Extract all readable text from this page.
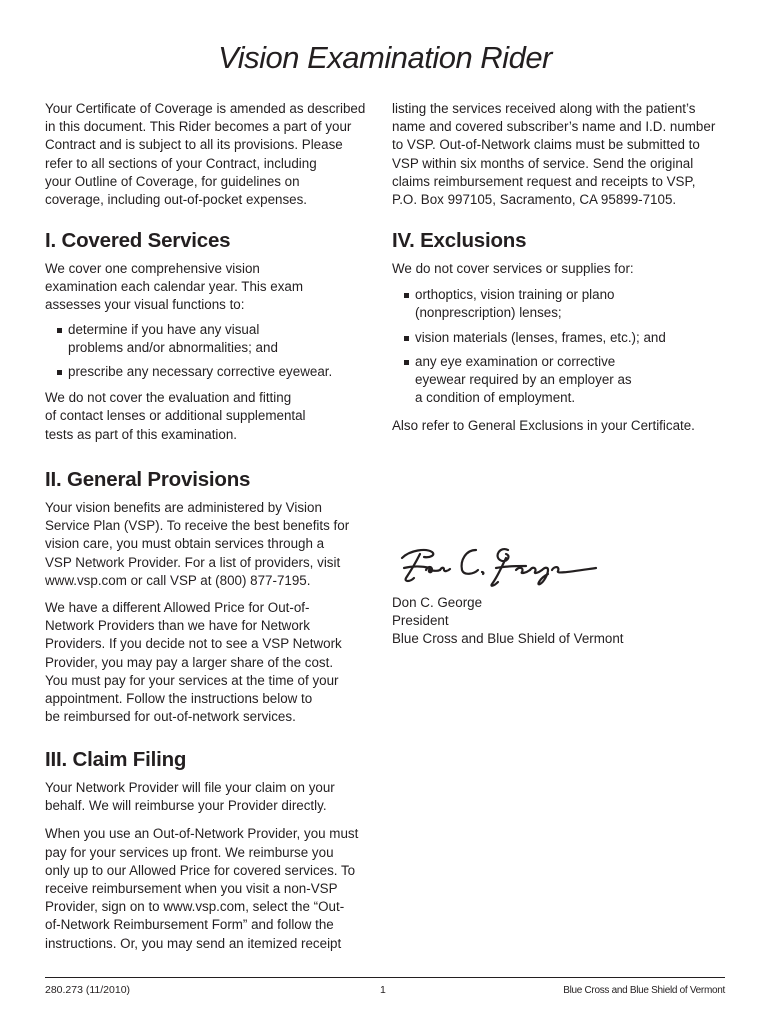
Vision Examination Rider

Your Certificate of Coverage is amended as described
in this document. This Rider becomes a part of your
Contract and is subject to all its provisions. Please
refer to all sections of your Contract, including
your Outline of Coverage, for guidelines on
coverage, including out-of-pocket expenses.

I. Covered Services

We cover one comprehensive vision
examination each calendar year. This exam
assesses your visual functions to:

determine if you have any visual
problems and/or abnormalities; and
prescribe any necessary corrective eyewear.

We do not cover the evaluation and fitting
of contact lenses or additional supplemental
tests as part of this examination.

II. General Provisions

Your vision benefits are administered by Vision
Service Plan (VSP). To receive the best benefits for
vision care, you must obtain services through a
VSP Network Provider. For a list of providers, visit
www.vsp.com or call VSP at (800) 877-7195.

We have a different Allowed Price for Out-of-
Network Providers than we have for Network
Providers. If you decide not to see a VSP Network
Provider, you may pay a larger share of the cost.
You must pay for your services at the time of your
appointment. Follow the instructions below to
be reimbursed for out-of-network services.

III. Claim Filing

Your Network Provider will file your claim on your
behalf. We will reimburse your Provider directly.

When you use an Out-of-Network Provider, you must
pay for your services up front. We reimburse you
only up to our Allowed Price for covered services. To
receive reimbursement when you visit a non-VSP
Provider, sign on to www.vsp.com, select the “Out-
of-Network Reimbursement Form” and follow the
instructions. Or, you may send an itemized receipt

listing the services received along with the patient’s
name and covered subscriber’s name and I.D. number
to VSP. Out-of-Network claims must be submitted to
VSP within six months of service. Send the original
claims reimbursement request and receipts to VSP,
P.O. Box 997105, Sacramento, CA 95899-7105.

IV. Exclusions

We do not cover services or supplies for:

orthoptics, vision training or plano
(nonprescription) lenses;
vision materials (lenses, frames, etc.); and
any eye examination or corrective
eyewear required by an employer as
a condition of employment.

Also refer to General Exclusions in your Certificate.

Don C. George
President
Blue Cross and Blue Shield of Vermont
280.273 (11/2010)	1	Blue Cross and Blue Shield of Vermont
